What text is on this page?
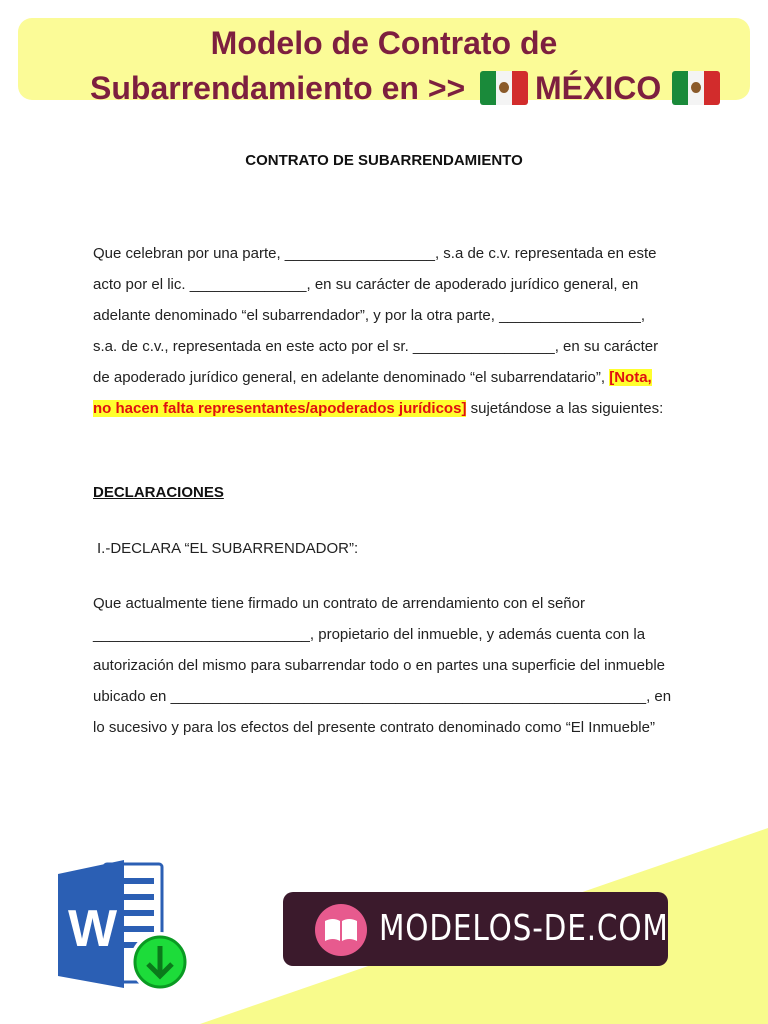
Modelo de Contrato de
Subarrendamiento en >> MÉXICO
CONTRATO DE SUBARRENDAMIENTO
Que celebran por una parte, __________________, s.a de c.v. representada en este acto por el lic. ______________, en su carácter de apoderado jurídico general, en adelante denominado “el subarrendador”, y por la otra parte, _________________, s.a. de c.v., representada en este acto por el sr. _________________, en su carácter de apoderado jurídico general, en adelante denominado “el subarrendatario”, [Nota, no hacen falta representantes/apoderados jurídicos] sujetándose a las siguientes:
DECLARACIONES
I.-DECLARA “EL SUBARRENDADOR”:
Que actualmente tiene firmado un contrato de arrendamiento con el señor __________________________, propietario del inmueble, y además cuenta con la autorización del mismo para subarrendar todo o en partes una superficie del inmueble ubicado en _________________________________________________________, en lo sucesivo y para los efectos del presente contrato denominado como “El Inmueble”
W	MODELOS-DE.COM
